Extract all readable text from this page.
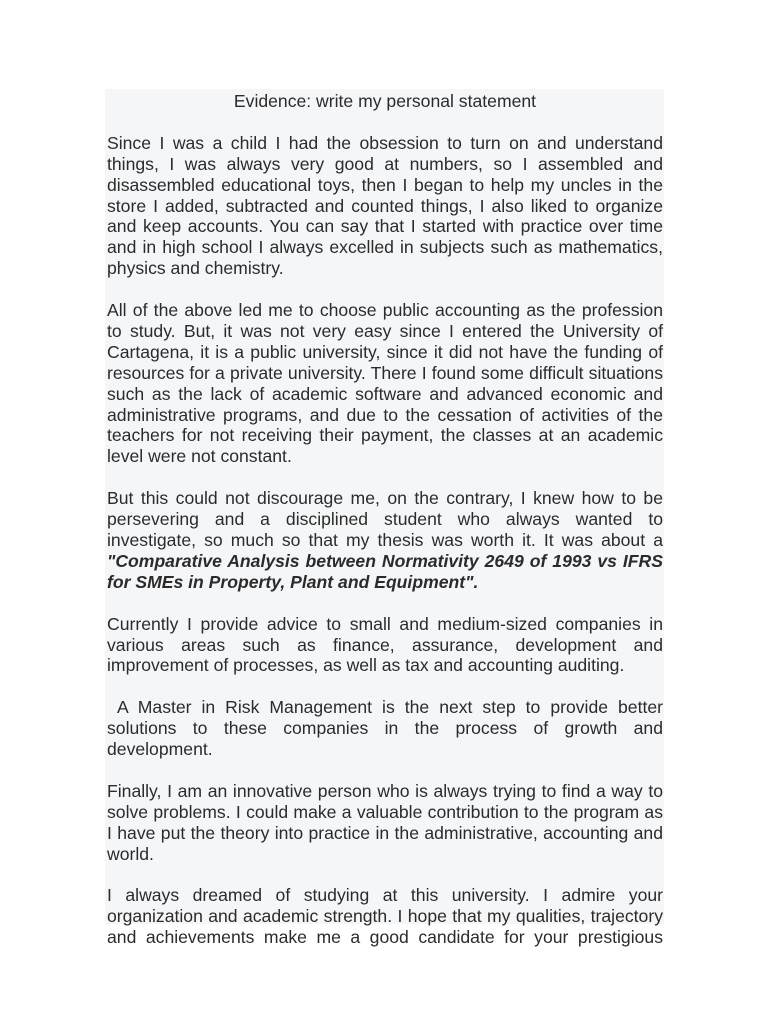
Evidence: write my personal statement

Since I was a child I had the obsession to turn on and understand things, I was always very good at numbers, so I assembled and disassembled educational toys, then I began to help my uncles in the store I added, subtracted and counted things, I also liked to organize and keep accounts. You can say that I started with practice over time and in high school I always excelled in subjects such as mathematics, physics and chemistry.

All of the above led me to choose public accounting as the profession to study. But, it was not very easy since I entered the University of Cartagena, it is a public university, since it did not have the funding of resources for a private university. There I found some difficult situations such as the lack of academic software and advanced economic and administrative programs, and due to the cessation of activities of the teachers for not receiving their payment, the classes at an academic level were not constant.

But this could not discourage me, on the contrary, I knew how to be persevering and a disciplined student who always wanted to investigate, so much so that my thesis was worth it. It was about a "Comparative Analysis between Normativity 2649 of 1993 vs IFRS for SMEs in Property, Plant and Equipment".

Currently I provide advice to small and medium-sized companies in various areas such as finance, assurance, development and improvement of processes, as well as tax and accounting auditing.

A Master in Risk Management is the next step to provide better solutions to these companies in the process of growth and development.

Finally, I am an innovative person who is always trying to find a way to solve problems. I could make a valuable contribution to the program as I have put the theory into practice in the administrative, accounting and world.

I always dreamed of studying at this university. I admire your organization and academic strength. I hope that my qualities, trajectory and achievements make me a good candidate for your prestigious
